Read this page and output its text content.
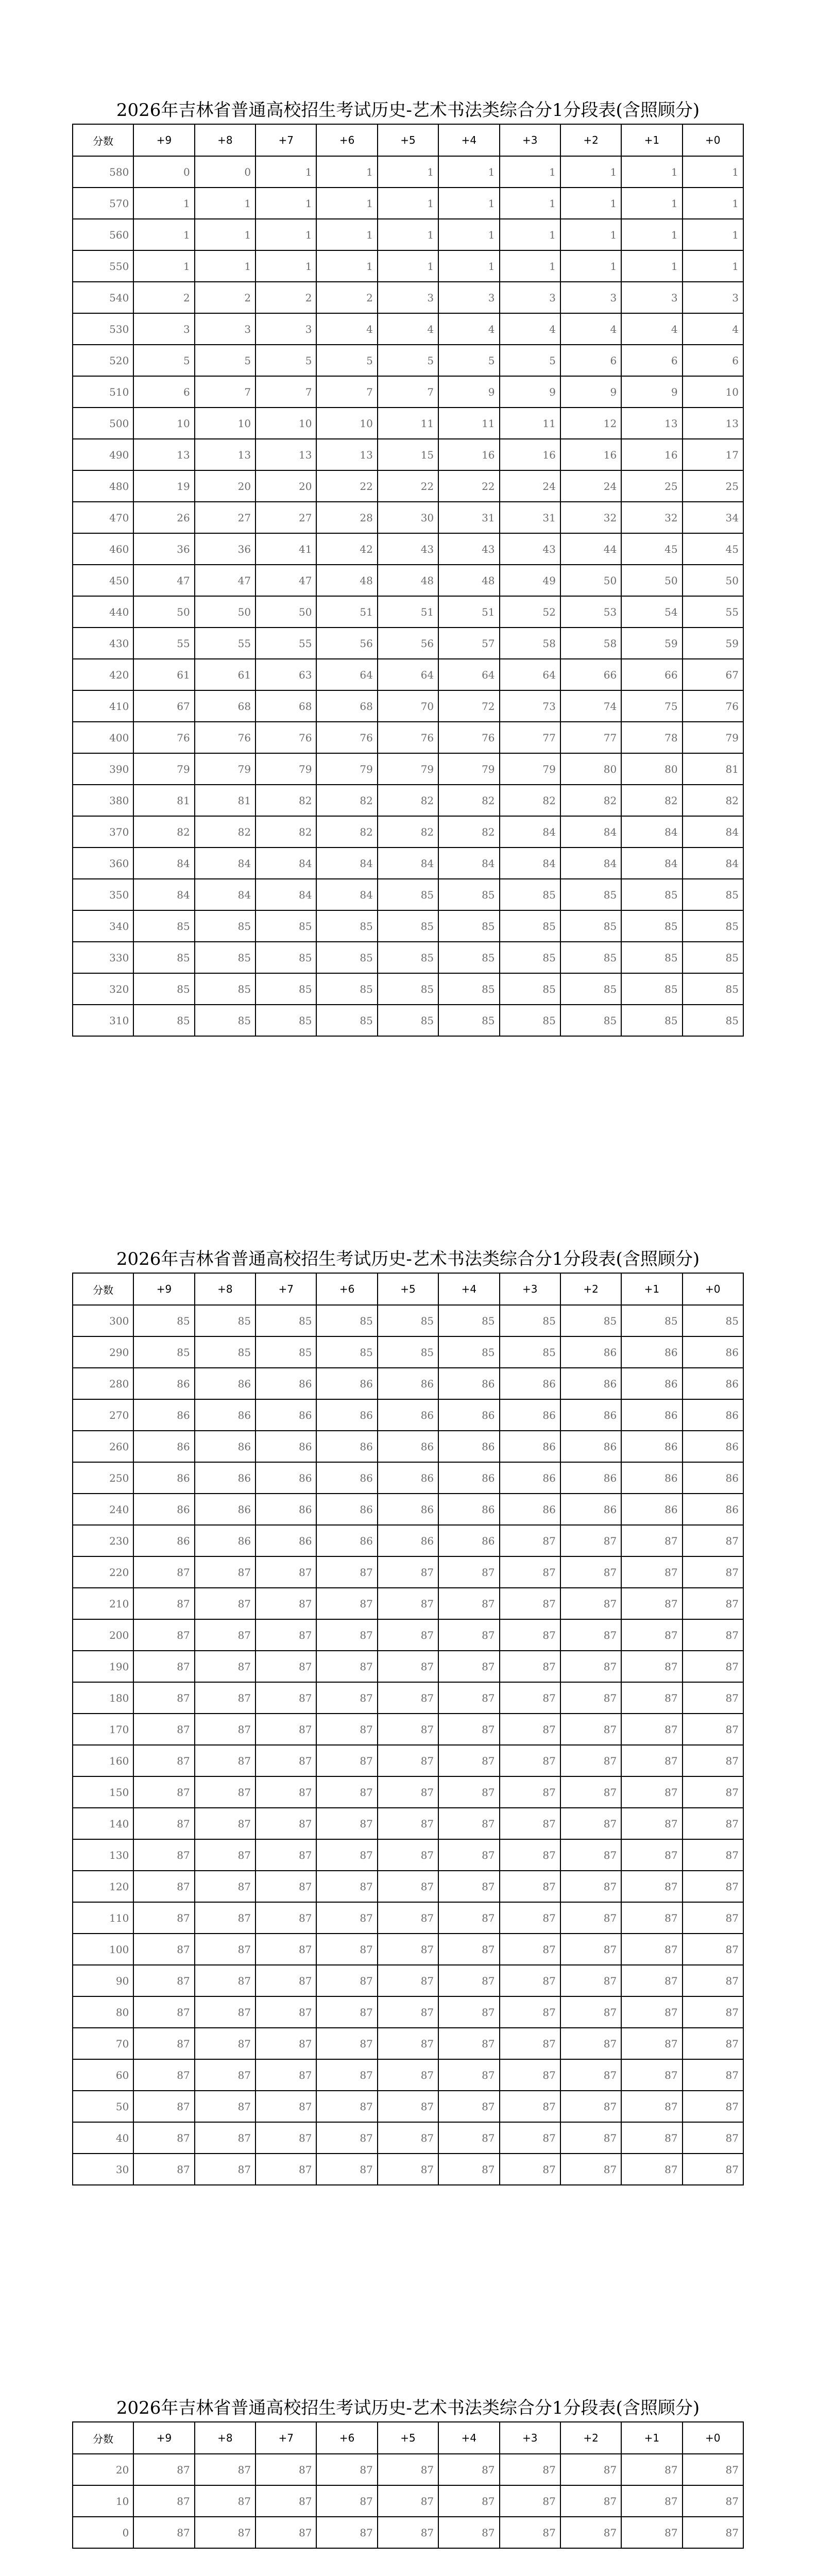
2026年吉林省普通高校招生考试历史-艺术书法类综合分1分段表(含照顾分)
分数	+9	+8	+7	+6	+5	+4	+3	+2	+1	+0
580	0	0	1	1	1	1	1	1	1	1
570	1	1	1	1	1	1	1	1	1	1
560	1	1	1	1	1	1	1	1	1	1
550	1	1	1	1	1	1	1	1	1	1
540	2	2	2	2	3	3	3	3	3	3
530	3	3	3	4	4	4	4	4	4	4
520	5	5	5	5	5	5	5	6	6	6
510	6	7	7	7	7	9	9	9	9	10
500	10	10	10	10	11	11	11	12	13	13
490	13	13	13	13	15	16	16	16	16	17
480	19	20	20	22	22	22	24	24	25	25
470	26	27	27	28	30	31	31	32	32	34
460	36	36	41	42	43	43	43	44	45	45
450	47	47	47	48	48	48	49	50	50	50
440	50	50	50	51	51	51	52	53	54	55
430	55	55	55	56	56	57	58	58	59	59
420	61	61	63	64	64	64	64	66	66	67
410	67	68	68	68	70	72	73	74	75	76
400	76	76	76	76	76	76	77	77	78	79
390	79	79	79	79	79	79	79	80	80	81
380	81	81	82	82	82	82	82	82	82	82
370	82	82	82	82	82	82	84	84	84	84
360	84	84	84	84	84	84	84	84	84	84
350	84	84	84	84	85	85	85	85	85	85
340	85	85	85	85	85	85	85	85	85	85
330	85	85	85	85	85	85	85	85	85	85
320	85	85	85	85	85	85	85	85	85	85
310	85	85	85	85	85	85	85	85	85	85
2026年吉林省普通高校招生考试历史-艺术书法类综合分1分段表(含照顾分)
分数	+9	+8	+7	+6	+5	+4	+3	+2	+1	+0
300	85	85	85	85	85	85	85	85	85	85
290	85	85	85	85	85	85	85	86	86	86
280	86	86	86	86	86	86	86	86	86	86
270	86	86	86	86	86	86	86	86	86	86
260	86	86	86	86	86	86	86	86	86	86
250	86	86	86	86	86	86	86	86	86	86
240	86	86	86	86	86	86	86	86	86	86
230	86	86	86	86	86	86	87	87	87	87
220	87	87	87	87	87	87	87	87	87	87
210	87	87	87	87	87	87	87	87	87	87
200	87	87	87	87	87	87	87	87	87	87
190	87	87	87	87	87	87	87	87	87	87
180	87	87	87	87	87	87	87	87	87	87
170	87	87	87	87	87	87	87	87	87	87
160	87	87	87	87	87	87	87	87	87	87
150	87	87	87	87	87	87	87	87	87	87
140	87	87	87	87	87	87	87	87	87	87
130	87	87	87	87	87	87	87	87	87	87
120	87	87	87	87	87	87	87	87	87	87
110	87	87	87	87	87	87	87	87	87	87
100	87	87	87	87	87	87	87	87	87	87
90	87	87	87	87	87	87	87	87	87	87
80	87	87	87	87	87	87	87	87	87	87
70	87	87	87	87	87	87	87	87	87	87
60	87	87	87	87	87	87	87	87	87	87
50	87	87	87	87	87	87	87	87	87	87
40	87	87	87	87	87	87	87	87	87	87
30	87	87	87	87	87	87	87	87	87	87
2026年吉林省普通高校招生考试历史-艺术书法类综合分1分段表(含照顾分)
分数	+9	+8	+7	+6	+5	+4	+3	+2	+1	+0
20	87	87	87	87	87	87	87	87	87	87
10	87	87	87	87	87	87	87	87	87	87
0	87	87	87	87	87	87	87	87	87	87
